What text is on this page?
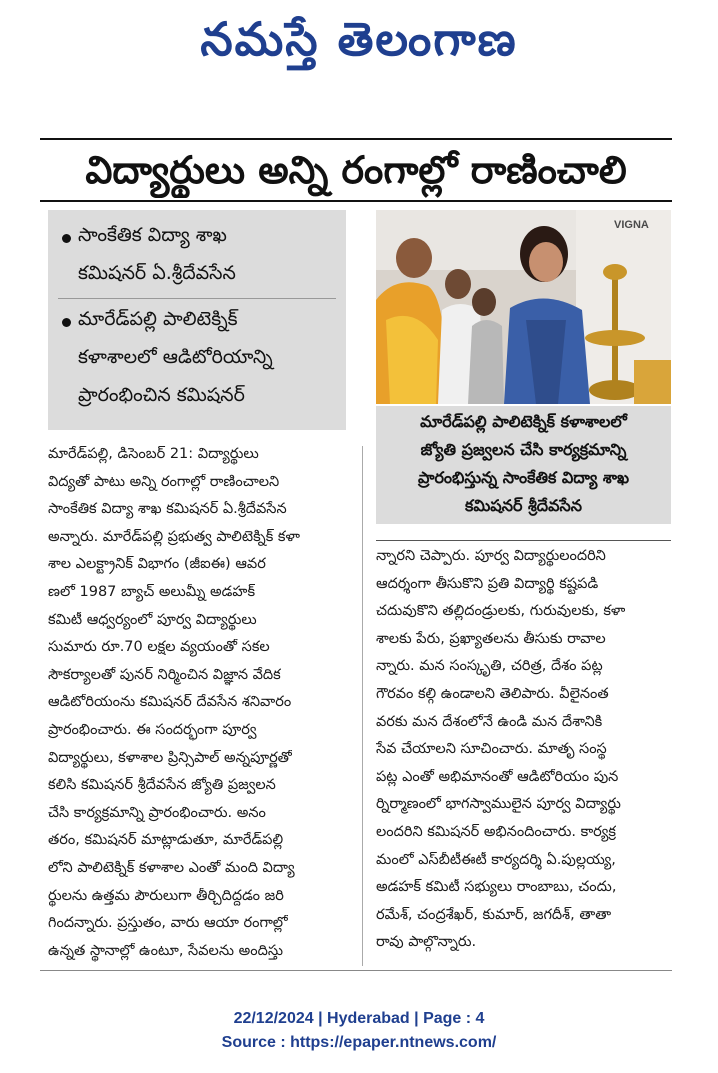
నమస్తే తెలంగాణ
విద్యార్థులు అన్ని రంగాల్లో రాణించాలి
సాంకేతిక విద్యా శాఖ
కమిషనర్ ఏ.శ్రీదేవసేన
మారేడ్‌పల్లి పాలిటెక్నిక్
కళాశాలలో ఆడిటోరియాన్ని
ప్రారంభించిన కమిషనర్
VIGNA
మారేడ్‌పల్లి పాలిటెక్నిక్ కళాశాలలో
జ్యోతి ప్రజ్వలన చేసి కార్యక్రమాన్ని
ప్రారంభిస్తున్న సాంకేతిక విద్యా శాఖ
కమిషనర్ శ్రీదేవసేన
మారేడ్‌పల్లి, డిసెంబర్ 21: విద్యార్థులు
విద్యతో పాటు అన్ని రంగాల్లో రాణించాలని
సాంకేతిక విద్యా శాఖ కమిషనర్ ఏ.శ్రీదేవసేన
అన్నారు. మారేడ్‌పల్లి ప్రభుత్వ పాలిటెక్నిక్ కళా
శాల ఎలక్ట్రానిక్ విభాగం (జీఐఈ) ఆవర
ణలో 1987 బ్యాచ్ అలుమ్నీ అడహక్
కమిటీ ఆధ్వర్యంలో పూర్వ విద్యార్థులు
సుమారు రూ.70 లక్షల వ్యయంతో సకల
సౌకర్యాలతో పునర్ నిర్మించిన విజ్ఞాన వేదిక
ఆడిటోరియంను కమిషనర్ దేవసేన శనివారం
ప్రారంభించారు. ఈ సందర్భంగా పూర్వ
విద్యార్థులు, కళాశాల ప్రిన్సిపాల్ అన్నపూర్ణతో
కలిసి కమిషనర్ శ్రీదేవసేన జ్యోతి ప్రజ్వలన
చేసి కార్యక్రమాన్ని ప్రారంభించారు. అనం
తరం, కమిషనర్ మాట్లాడుతూ, మారేడ్‌పల్లి
లోని పాలిటెక్నిక్ కళాశాల ఎంతో మంది విద్యా
ర్థులను ఉత్తమ పౌరులుగా తీర్చిదిద్దడం జరి
గిందన్నారు. ప్రస్తుతం, వారు ఆయా రంగాల్లో
ఉన్నత స్థానాల్లో ఉంటూ, సేవలను అందిస్తు
న్నారని చెప్పారు. పూర్వ విద్యార్థులందరిని
ఆదర్శంగా తీసుకొని ప్రతి విద్యార్థి కష్టపడి
చదువుకొని తల్లిదండ్రులకు, గురువులకు, కళా
శాలకు పేరు, ప్రఖ్యాతలను తీసుకు రావాల
న్నారు. మన సంస్కృతి, చరిత్ర, దేశం పట్ల
గౌరవం కల్గి ఉండాలని తెలిపారు. వీలైనంత
వరకు మన దేశంలోనే ఉండి మన దేశానికి
సేవ చేయాలని సూచించారు. మాతృ సంస్థ
పట్ల ఎంతో అభిమానంతో ఆడిటోరియం పున
ర్నిర్మాణంలో భాగస్వాములైన పూర్వ విద్యార్థు
లందరిని కమిషనర్ అభినందించారు. కార్యక్ర
మంలో ఎస్‌బీటీఈటీ కార్యదర్శి ఏ.పుల్లయ్య,
అడహక్ కమిటీ సభ్యులు రాంబాబు, చందు,
రమేశ్, చంద్రశేఖర్, కుమార్, జగదీశ్, తాతా
రావు పాల్గొన్నారు.
22/12/2024 | Hyderabad | Page : 4
Source : https://epaper.ntnews.com/
